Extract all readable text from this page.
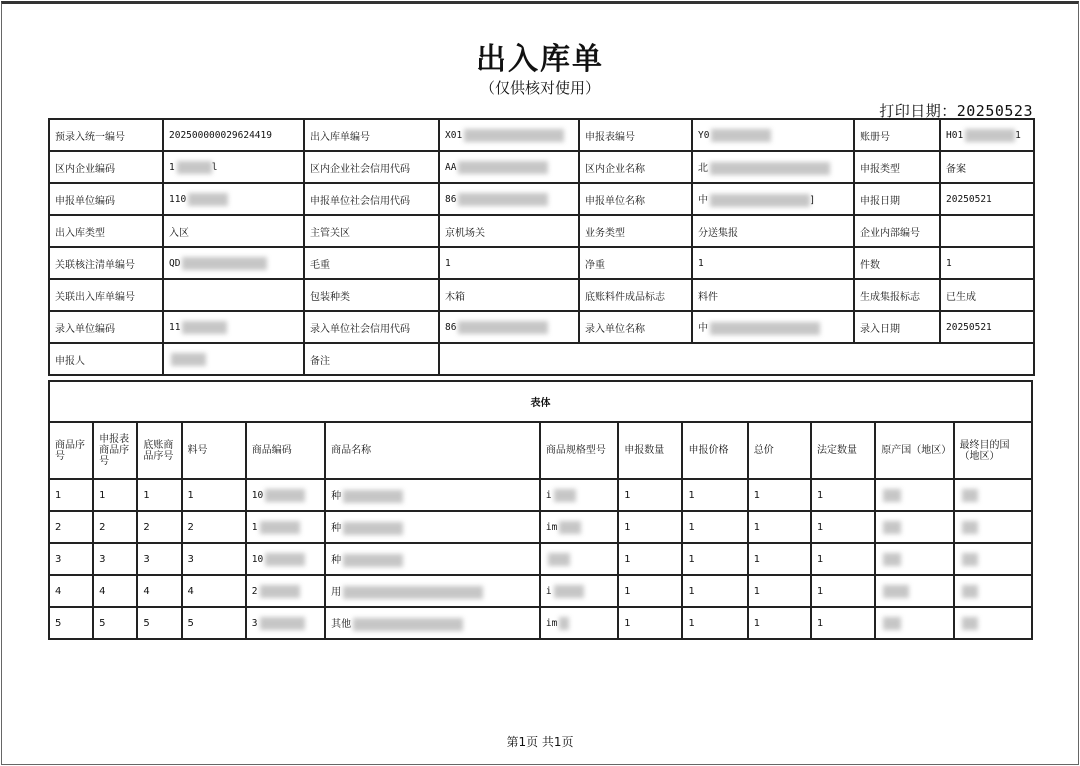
出入库单
（仅供核对使用）
打印日期：20250523
预录入统一编号	202500000029624419	出入库单编号	X01	申报表编号	Y0	账册号	H01 1
区内企业编码	1 l	区内企业社会信用代码	AA	区内企业名称	北	申报类型	备案
申报单位编码	110	申报单位社会信用代码	86	申报单位名称	中 ]	申报日期	20250521
出入库类型	入区	主管关区	京机场关	业务类型	分送集报	企业内部编号	
关联核注清单编号	QD	毛重	1	净重	1	件数	1
关联出入库单编号		包装种类	木箱	底账料件成品标志	料件	生成集报标志	已生成
录入单位编码	11	录入单位社会信用代码	86	录入单位名称	中	录入日期	20250521
申报人		备注					
表体												
商品序号	申报表商品序号	底账商品序号	料号	商品编码	商品名称	商品规格型号	申报数量	申报价格	总价	法定数量	原产国（地区）	最终目的国（地区）
1	1	1	1	10	种	i	1	1	1	1		
2	2	2	2	1	种	im	1	1	1	1		
3	3	3	3	10	种		1	1	1	1		
4	4	4	4	2	用	i	1	1	1	1		
5	5	5	5	3	其他	im	1	1	1	1		
第1页 共1页
